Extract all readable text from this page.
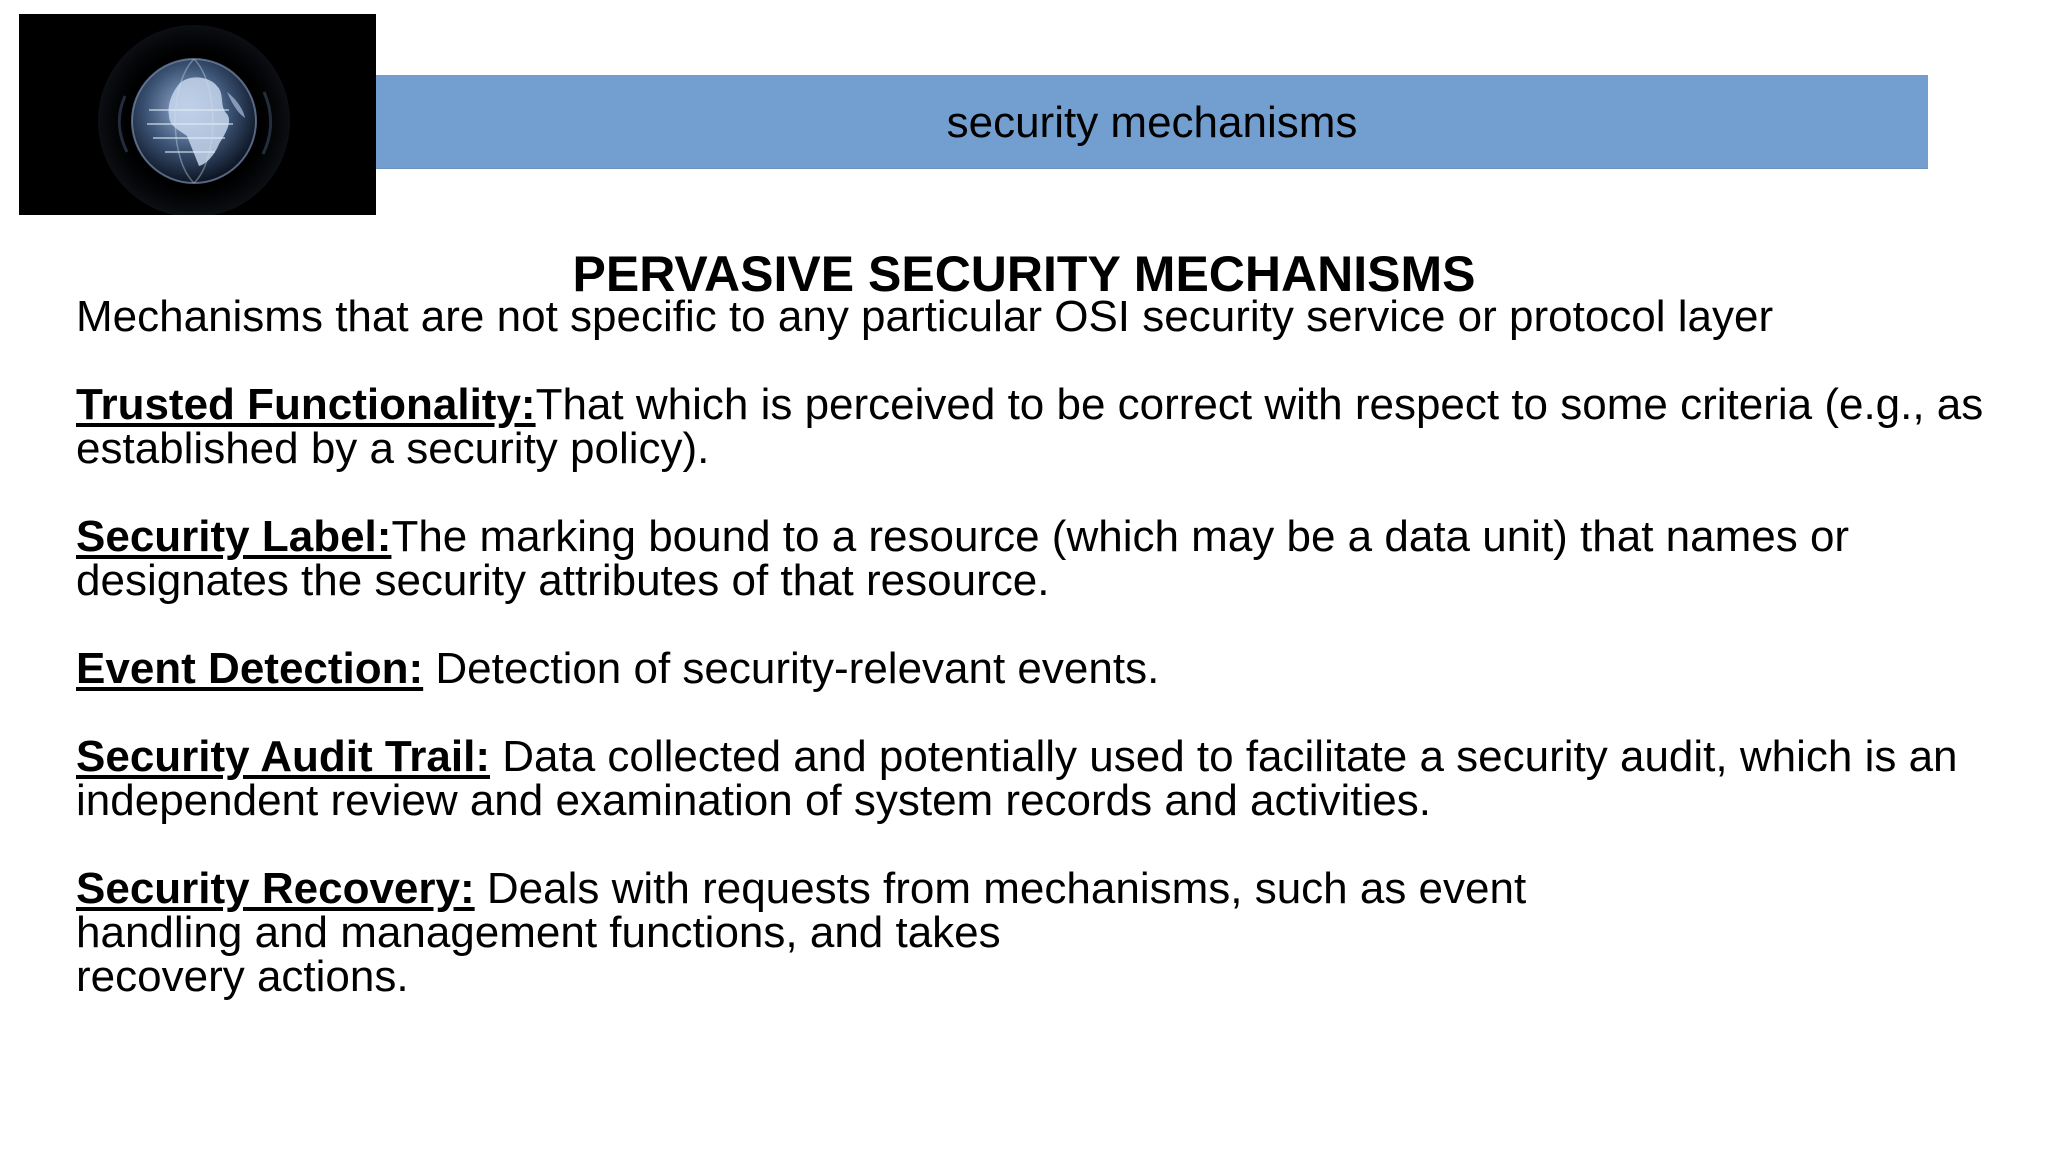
security mechanisms
PERVASIVE SECURITY MECHANISMS

Mechanisms that are not specific to any particular OSI security service or protocol layer

Trusted Functionality:That which is perceived to be correct with respect to some criteria (e.g., as established by a security policy).

Security Label:The marking bound to a resource (which may be a data unit) that names or designates the security attributes of that resource.

Event Detection: Detection of security-relevant events.

Security Audit Trail: Data collected and potentially used to facilitate a security audit, which is an independent review and examination of system records and activities.

Security Recovery: Deals with requests from mechanisms, such as event
handling and management functions, and takes
recovery actions.
